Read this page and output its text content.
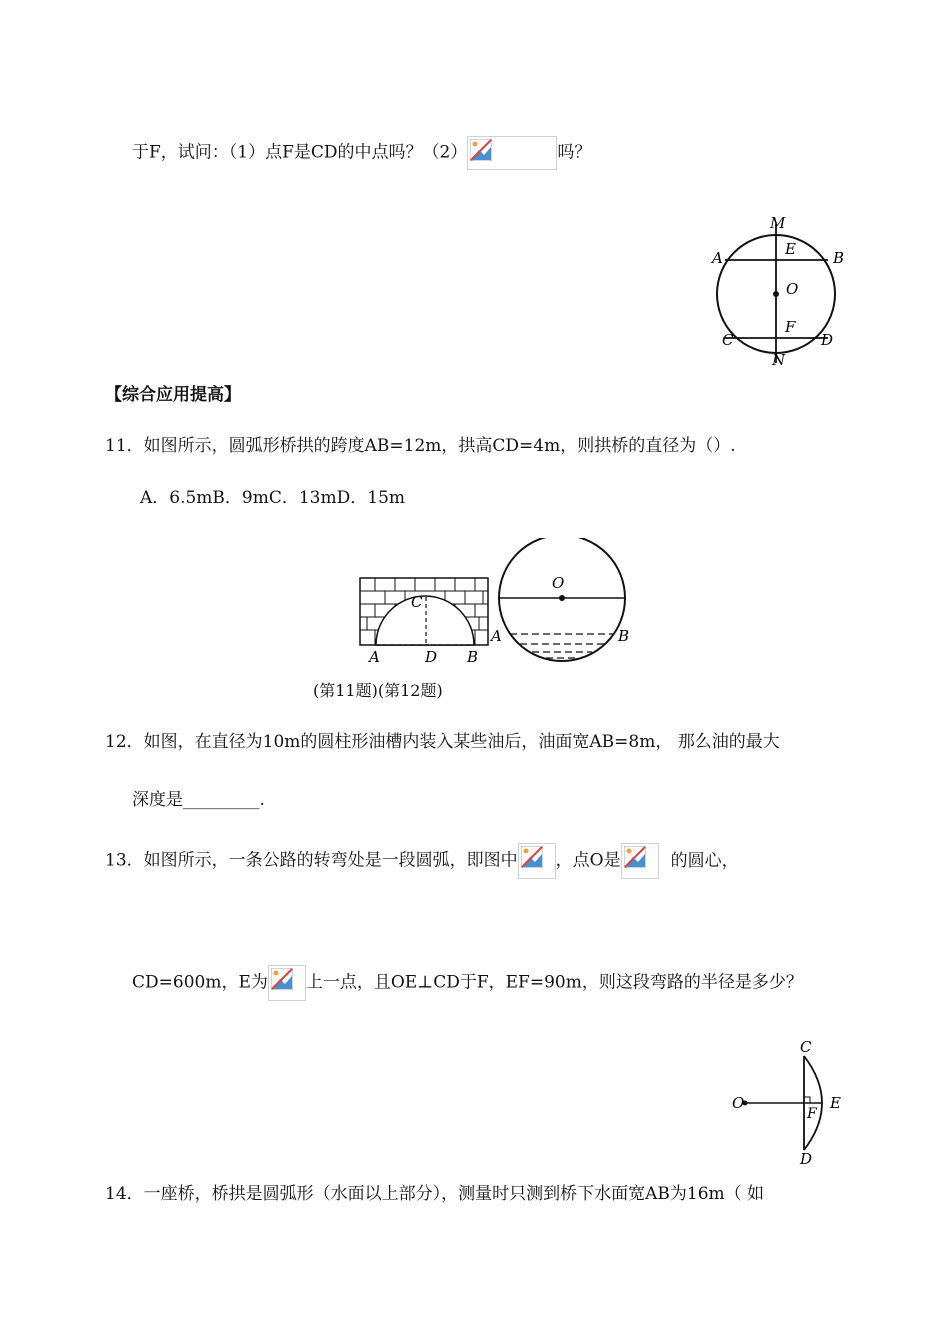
于F，试问：（1）点F是CD的中点吗？（2）	吗？
M
E
A	B
O
F
C	D
N
【综合应用提高】
11．如图所示，圆弧形桥拱的跨度AB=12m，拱高CD=4m，则拱桥的直径为（）.
A．6.5mB．9mC．13mD．15m
C
A	D B
O
A	B
(第11题)(第12题)
12．如图，在直径为10m的圆柱形油槽内装入某些油后，油面宽AB=8m， 那么油的最大
深度是_________.
13．如图所示，一条公路的转弯处是一段圆弧，即图中 ，点O是	的圆心，
CD=600m，E为 上一点，且OE⊥CD于F，EF=90m，则这段弯路的半径是多少？
C
O	E
F
D
14．一座桥，桥拱是圆弧形（水面以上部分），测量时只测到桥下水面宽AB为16m（ 如
